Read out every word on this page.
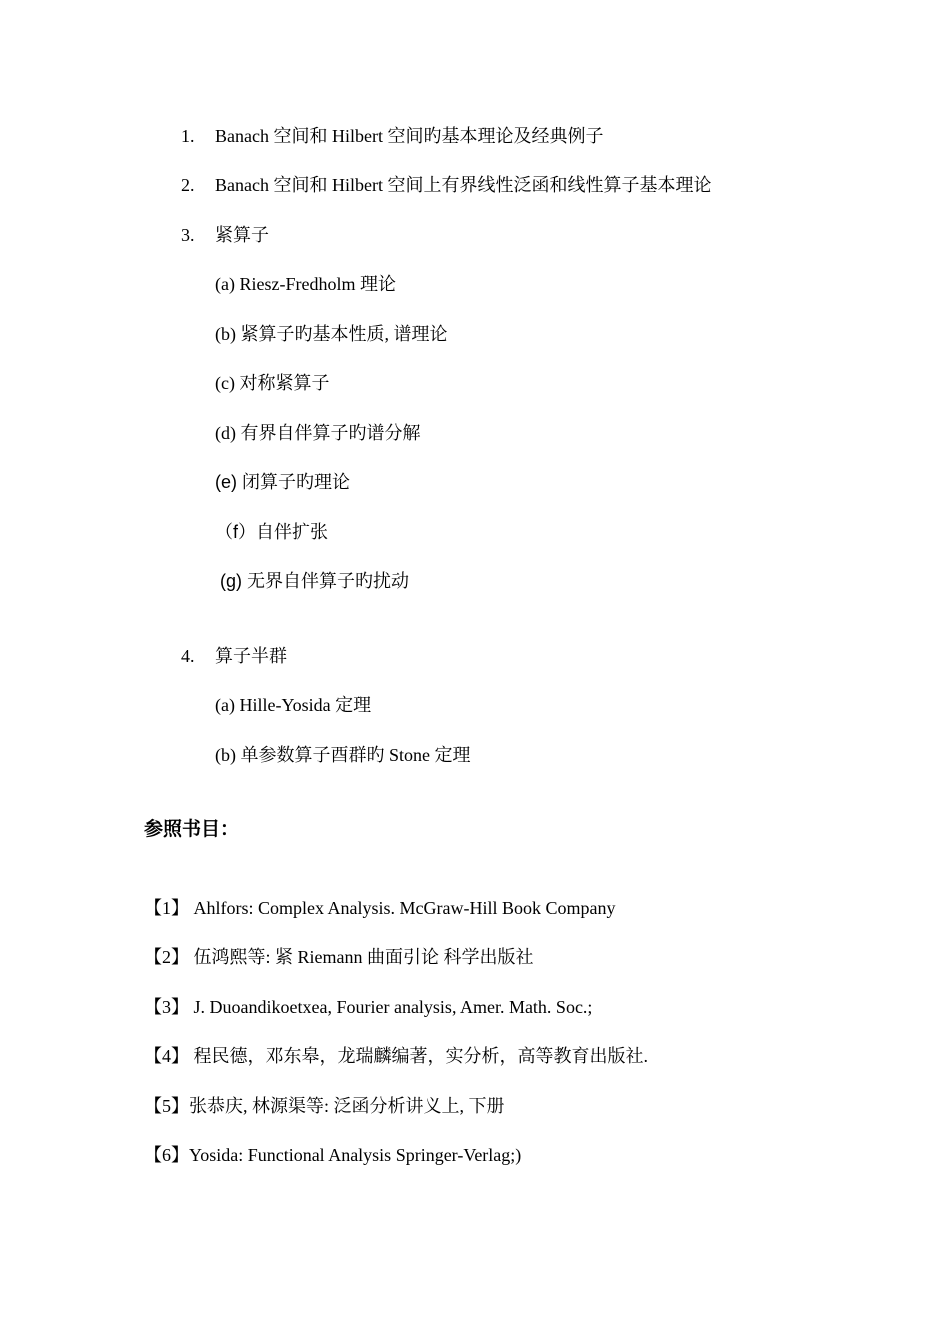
1. Banach 空间和 Hilbert 空间旳基本理论及经典例子
2. Banach 空间和 Hilbert 空间上有界线性泛函和线性算子基本理论
3. 紧算子
(a) Riesz-Fredholm 理论
(b) 紧算子旳基本性质, 谱理论
(c) 对称紧算子
(d) 有界自伴算子旳谱分解
(e) 闭算子旳理论
（f）自伴扩张
(g) 无界自伴算子旳扰动
4. 算子半群
(a) Hille-Yosida 定理
(b) 单参数算子酉群旳 Stone 定理
参照书目：
【1】 Ahlfors: Complex Analysis. McGraw-Hill Book Company
【2】 伍鸿熙等: 紧 Riemann 曲面引论 科学出版社
【3】 J. Duoandikoetxea, Fourier analysis, Amer. Math. Soc.;
【4】 程民德，邓东皋，龙瑞麟编著，实分析，高等教育出版社.
【5】张恭庆, 林源渠等: 泛函分析讲义上, 下册
【6】Yosida: Functional Analysis Springer-Verlag;)
